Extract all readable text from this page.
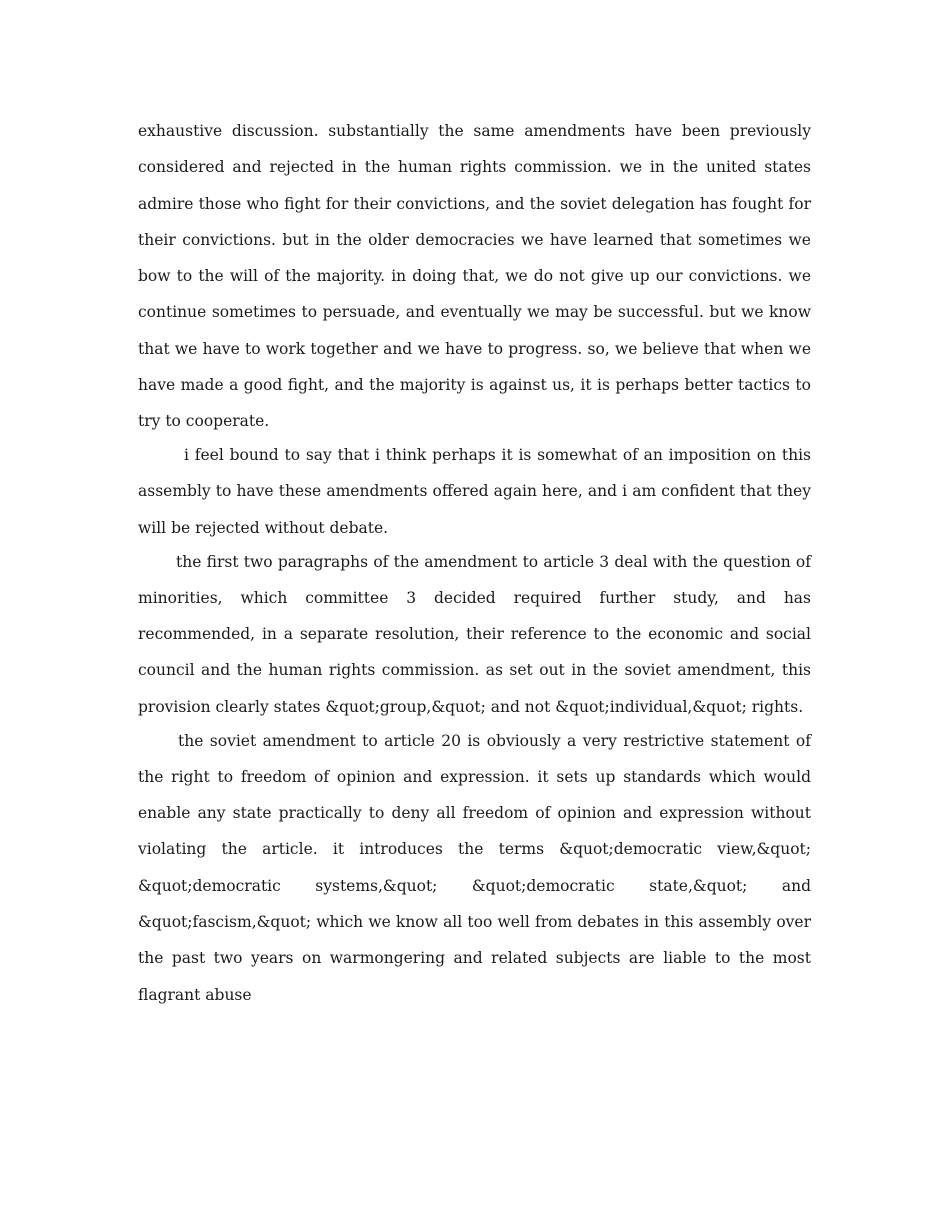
exhaustive discussion. substantially the same amendments have been previously considered and rejected in the human rights commission. we in the united states admire those who fight for their convictions, and the soviet delegation has fought for their convictions. but in the older democracies we have learned that sometimes we bow to the will of the majority. in doing that, we do not give up our convictions. we continue sometimes to persuade, and eventually we may be successful. but we know that we have to work together and we have to progress. so, we believe that when we have made a good fight, and the majority is against us, it is perhaps better tactics to try to cooperate.

i feel bound to say that i think perhaps it is somewhat of an imposition on this assembly to have these amendments offered again here, and i am confident that they will be rejected without debate.

the first two paragraphs of the amendment to article 3 deal with the question of minorities, which committee 3 decided required further study, and has recommended, in a separate resolution, their reference to the economic and social council and the human rights commission. as set out in the soviet amendment, this provision clearly states &quot;group,&quot; and not &quot;individual,&quot; rights.

the soviet amendment to article 20 is obviously a very restrictive statement of the right to freedom of opinion and expression. it sets up standards which would enable any state practically to deny all freedom of opinion and expression without violating the article. it introduces the terms &quot;democratic view,&quot; &quot;democratic systems,&quot; &quot;democratic state,&quot; and &quot;fascism,&quot; which we know all too well from debates in this assembly over the past two years on warmongering and related subjects are liable to the most flagrant abuse
